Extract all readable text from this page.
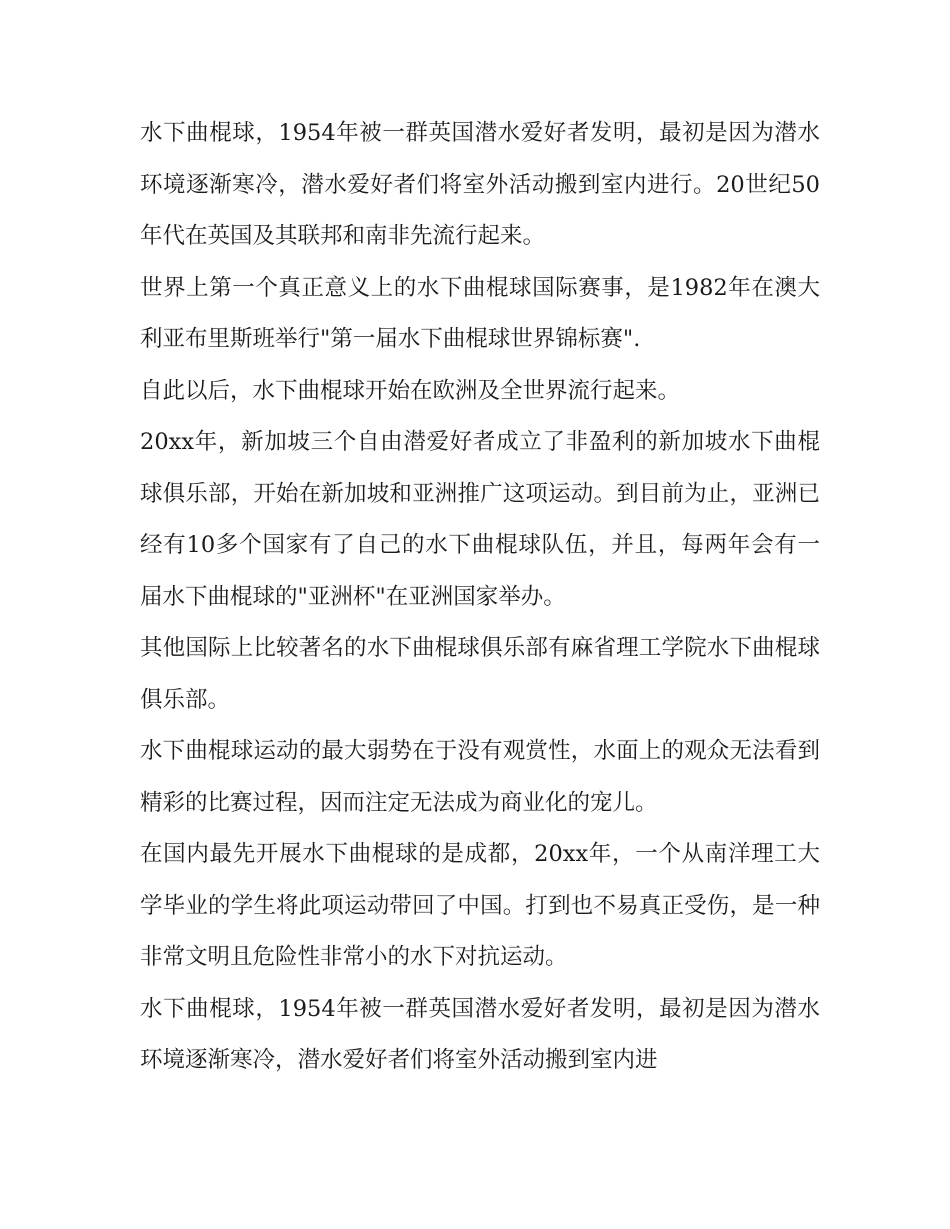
水下曲棍球，1954年被一群英国潜水爱好者发明，最初是因为潜水环境逐渐寒冷，潜水爱好者们将室外活动搬到室内进行。20世纪50年代在英国及其联邦和南非先流行起来。

世界上第一个真正意义上的水下曲棍球国际赛事，是1982年在澳大利亚布里斯班举行"第一届水下曲棍球世界锦标赛".

自此以后，水下曲棍球开始在欧洲及全世界流行起来。

20xx年，新加坡三个自由潜爱好者成立了非盈利的新加坡水下曲棍球俱乐部，开始在新加坡和亚洲推广这项运动。到目前为止，亚洲已经有10多个国家有了自己的水下曲棍球队伍，并且，每两年会有一届水下曲棍球的"亚洲杯"在亚洲国家举办。

其他国际上比较著名的水下曲棍球俱乐部有麻省理工学院水下曲棍球俱乐部。

水下曲棍球运动的最大弱势在于没有观赏性，水面上的观众无法看到精彩的比赛过程，因而注定无法成为商业化的宠儿。

在国内最先开展水下曲棍球的是成都，20xx年，一个从南洋理工大学毕业的学生将此项运动带回了中国。打到也不易真正受伤，是一种非常文明且危险性非常小的水下对抗运动。

水下曲棍球，1954年被一群英国潜水爱好者发明，最初是因为潜水环境逐渐寒冷，潜水爱好者们将室外活动搬到室内进
